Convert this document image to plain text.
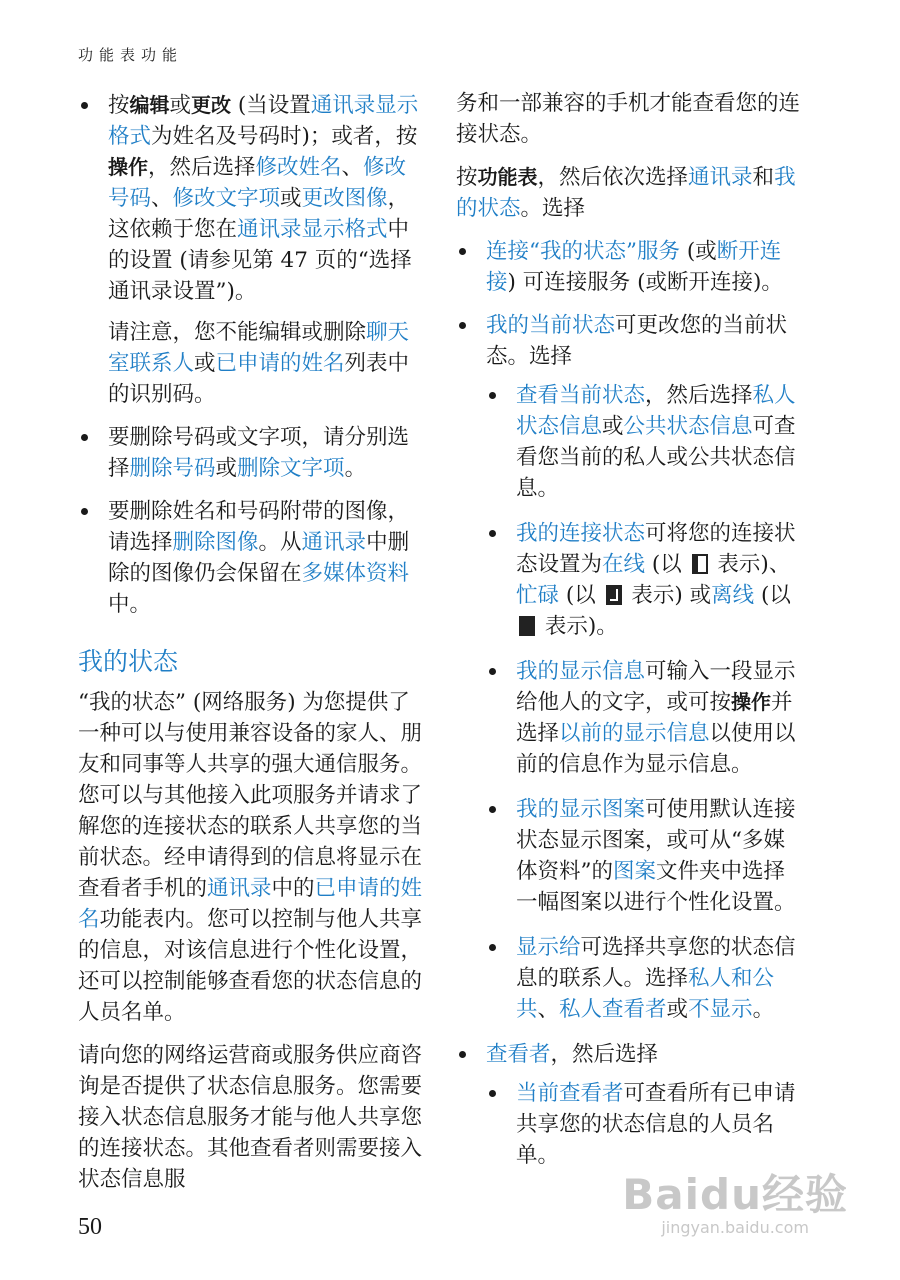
功能表功能
按编辑或更改 (当设置通讯录显示格式为姓名及号码时)；或者，按操作，然后选择修改姓名、修改号码、修改文字项或更改图像，这依赖于您在通讯录显示格式中的设置 (请参见第 47 页的“选择通讯录设置”)。

请注意，您不能编辑或删除聊天室联系人或已申请的姓名列表中的识别码。

要删除号码或文字项，请分别选择删除号码或删除文字项。
要删除姓名和号码附带的图像，请选择删除图像。从通讯录中删除的图像仍会保留在多媒体资料中。
我的状态

“我的状态” (网络服务) 为您提供了一种可以与使用兼容设备的家人、朋友和同事等人共享的强大通信服务。您可以与其他接入此项服务并请求了解您的连接状态的联系人共享您的当前状态。经申请得到的信息将显示在查看者手机的通讯录中的已申请的姓名功能表内。您可以控制与他人共享的信息，对该信息进行个性化设置，还可以控制能够查看您的状态信息的人员名单。

请向您的网络运营商或服务供应商咨询是否提供了状态信息服务。您需要接入状态信息服务才能与他人共享您的连接状态。其他查看者则需要接入状态信息服

务和一部兼容的手机才能查看您的连接状态。

按功能表，然后依次选择通讯录和我的状态。选择

连接“我的状态”服务 (或断开连接) 可连接服务 (或断开连接)。
我的当前状态可更改您的当前状态。选择
查看当前状态，然后选择私人状态信息或公共状态信息可查看您当前的私人或公共状态信息。
我的连接状态可将您的连接状态设置为在线 (以  表示)、忙碌 (以  表示) 或离线 (以  表示)。
我的显示信息可输入一段显示给他人的文字，或可按操作并选择以前的显示信息以使用以前的信息作为显示信息。
我的显示图案可使用默认连接状态显示图案，或可从“多媒体资料”的图案文件夹中选择一幅图案以进行个性化设置。
显示给可选择共享您的状态信息的联系人。选择私人和公共、私人查看者或不显示。
查看者，然后选择
当前查看者可查看所有已申请共享您的状态信息的人员名单。
50
Baidu经验
jingyan.baidu.com
